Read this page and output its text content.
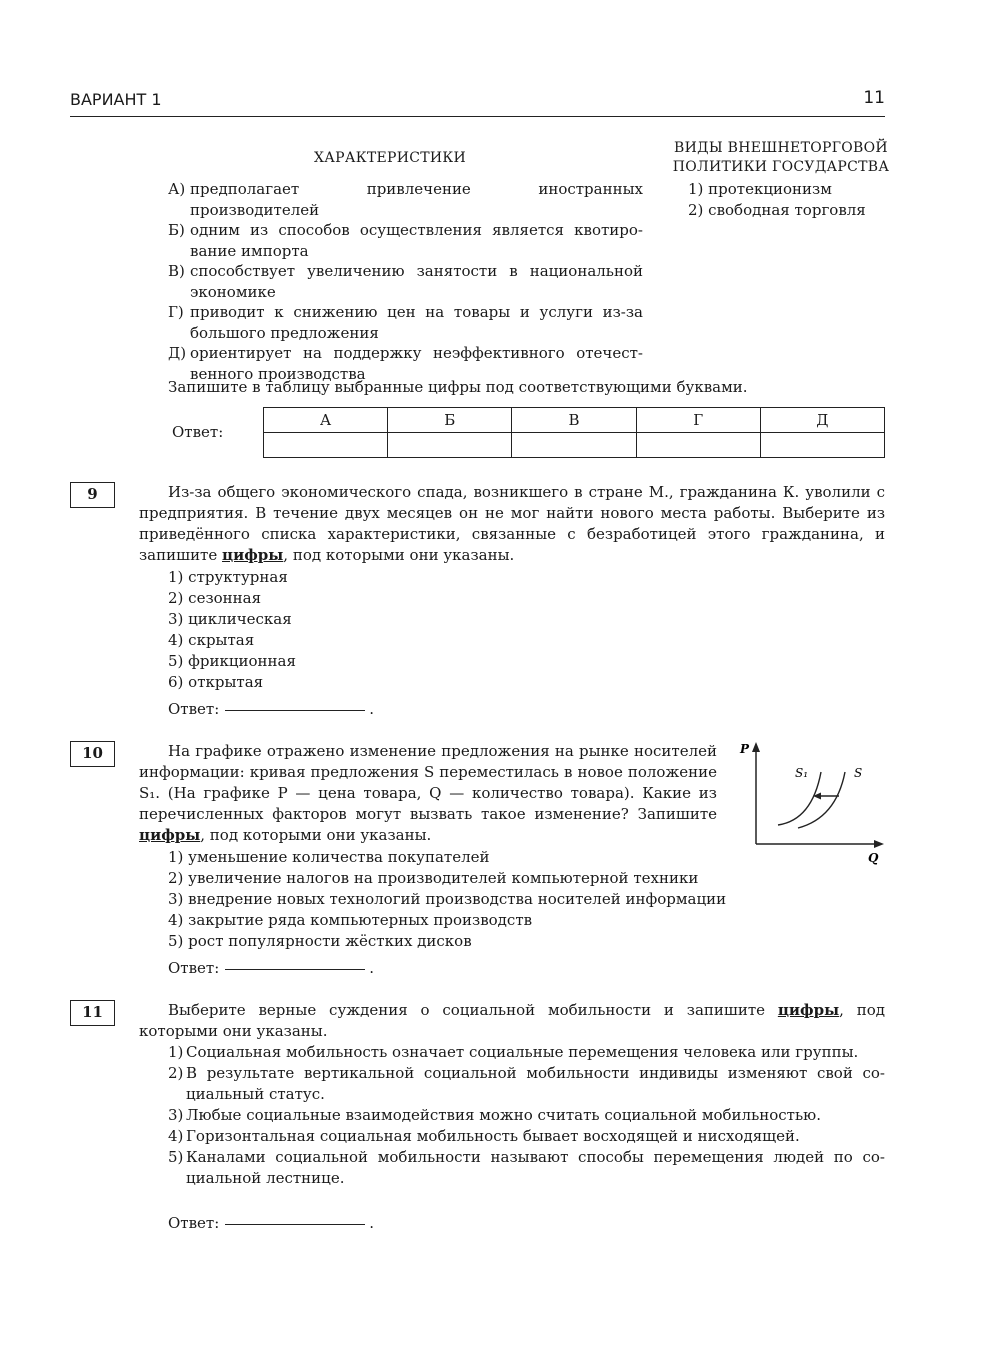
ВАРИАНТ 1	11
ХАРАКТЕРИСТИКИ
ВИДЫ ВНЕШНЕТОРГОВОЙ
ПОЛИТИКИ ГОСУДАРСТВА
А) предполагает привлечение иностранных производителей
Б) одним из способов осуществления является квотиро-вание импорта
В) способствует увеличению занятости в национальной экономике
Г) приводит к снижению цен на товары и услуги из-за большого предложения
Д) ориентирует на поддержку неэффективного отечест-венного производства
1) протекционизм
2) свободная торговля
Запишите в таблицу выбранные цифры под соответствующими буквами.
Ответ:
А	Б	В	Г	Д

9	Из-за общего экономического спада, возникшего в стране М., гражданина К. уволили с предприятия. В течение двух месяцев он не мог найти нового места работы. Выберите из приведённого списка характеристики, связанные с безработицей этого гражданина, и запишите цифры, под которыми они указаны.
1) структурная
2) сезонная
3) циклическая
4) скрытая
5) фрикционная
6) открытая
Ответ:	.
10	На графике отражено изменение предложения на рынке носителей информации: кривая предложения S переместилась в новое положение S₁. (На графике P — цена товара, Q — количество товара). Какие из перечисленных факторов могут вызвать такое изменение? Запишите цифры, под которыми они указаны.
P
Q
S₁	S
1) уменьшение количества покупателей
2) увеличение налогов на производителей компьютерной техники
3) внедрение новых технологий производства носителей информации
4) закрытие ряда компьютерных производств
5) рост популярности жёстких дисков
Ответ:	.
11	Выберите верные суждения о социальной мобильности и запишите цифры, под которыми они указаны.
1) Социальная мобильность означает социальные перемещения человека или группы.
2) В результате вертикальной социальной мобильности индивиды изменяют свой со-циальный статус.
3) Любые социальные взаимодействия можно считать социальной мобильностью.
4) Горизонтальная социальная мобильность бывает восходящей и нисходящей.
5) Каналами социальной мобильности называют способы перемещения людей по со-циальной лестнице.
Ответ:	.
